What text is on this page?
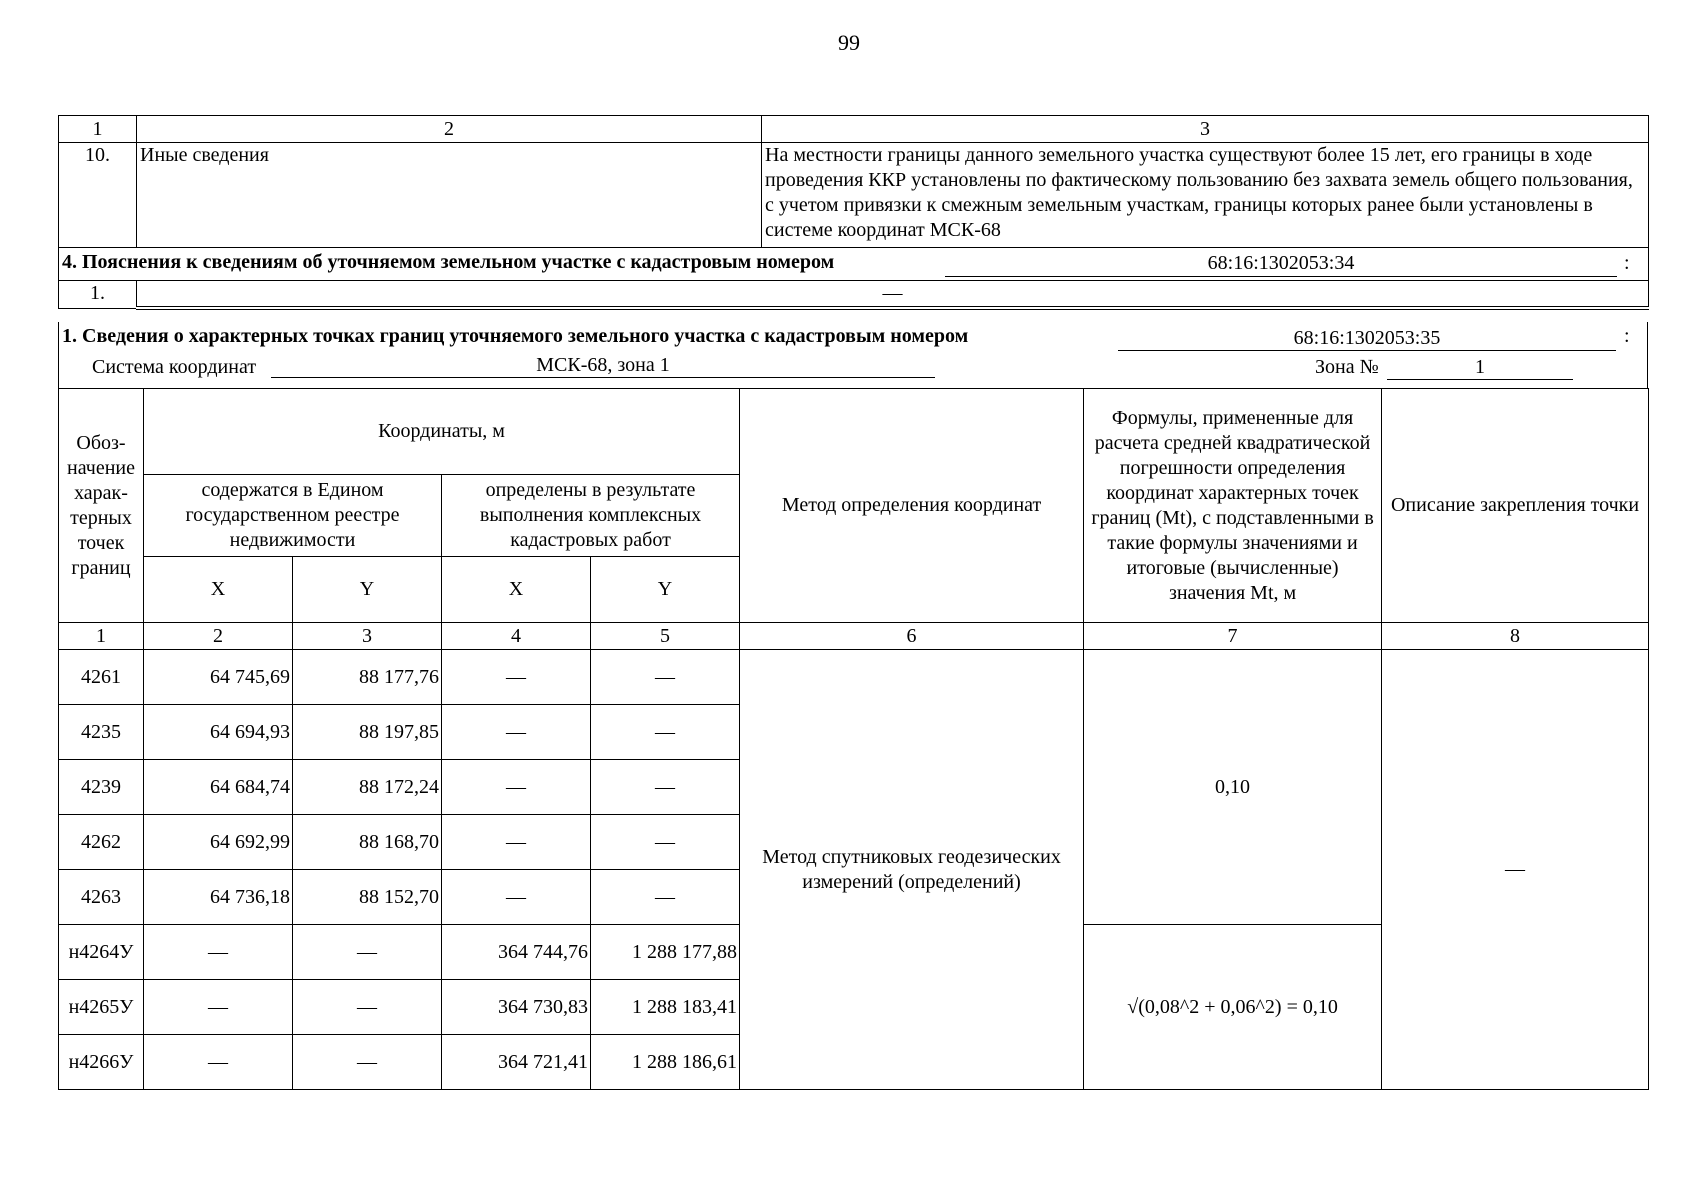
99
1	2	3
10.	Иные сведения	На местности границы данного земельного участка существуют более 15 лет, его границы в ходе проведения ККР установлены по фактическому пользованию без захвата земель общего пользования, с учетом привязки к смежным земельным участкам, границы которых ранее были установлены в системе координат МСК-68

4. Пояснения к сведениям об уточняемом земельном участке с кадастровым номером 68:16:1302053:34 :		

1.	—	
1. Сведения о характерных точках границ уточняемого земельного участка с кадастровым номером	68:16:1302053:35	:
Система координат	МСК-68, зона 1	Зона №	1
Обоз-начение харак-терных точек границ	Координаты, м				Метод определения координат	Формулы, примененные для расчета средней квадратической погрешности определения координат характерных точек границ (Mt), с подставленными в такие формулы значениями и итоговые (вычисленные) значения Mt, м	Описание закрепления точки
	содержатся в Едином государственном реестре недвижимости		определены в результате выполнения комплексных кадастровых работ				
	X	Y	X	Y			
1	2	3	4	5	6	7	8
4261	64 745,69	88 177,76	—	—	Метод спутниковых геодезических измерений (определений)	0,10	—
4235	64 694,93	88 197,85	—	—			
4239	64 684,74	88 172,24	—	—			
4262	64 692,99	88 168,70	—	—			
4263	64 736,18	88 152,70	—	—			
н4264У	—	—	364 744,76	1 288 177,88		√(0,08^2 + 0,06^2) = 0,10	
н4265У	—	—	364 730,83	1 288 183,41			
н4266У	—	—	364 721,41	1 288 186,61			
